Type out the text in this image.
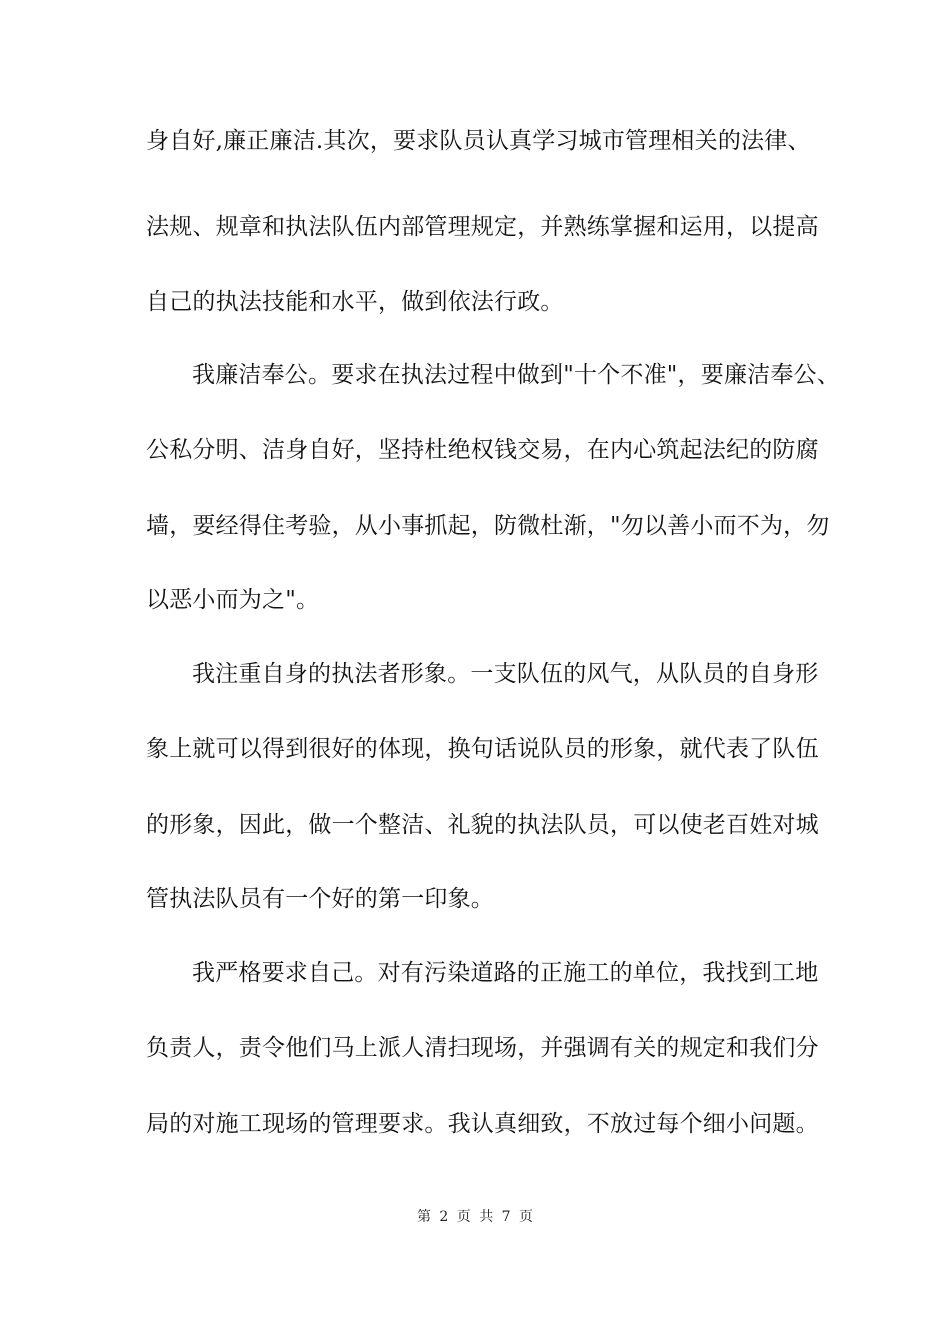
身自好,廉正廉洁.其次，要求队员认真学习城市管理相关的法律、
法规、规章和执法队伍内部管理规定，并熟练掌握和运用，以提高
自己的执法技能和水平，做到依法行政。
我廉洁奉公。要求在执法过程中做到"十个不准"，要廉洁奉公、
公私分明、洁身自好，坚持杜绝权钱交易，在内心筑起法纪的防腐
墙，要经得住考验，从小事抓起，防微杜渐，"勿以善小而不为，勿
以恶小而为之"。
我注重自身的执法者形象。一支队伍的风气，从队员的自身形
象上就可以得到很好的体现，换句话说队员的形象，就代表了队伍
的形象，因此，做一个整洁、礼貌的执法队员，可以使老百姓对城
管执法队员有一个好的第一印象。
我严格要求自己。对有污染道路的正施工的单位，我找到工地
负责人，责令他们马上派人清扫现场，并强调有关的规定和我们分
局的对施工现场的管理要求。我认真细致，不放过每个细小问题。
第 2 页 共 7 页
